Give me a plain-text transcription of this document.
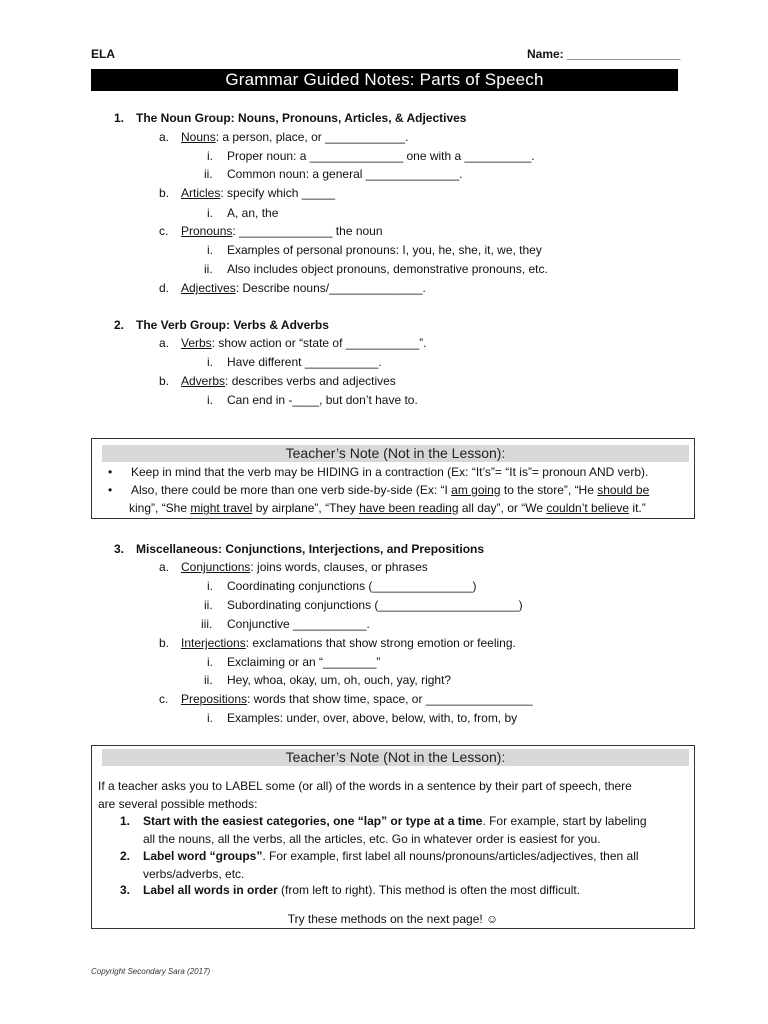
ELA	Name: _________________
Grammar Guided Notes: Parts of Speech
1. The Noun Group: Nouns, Pronouns, Articles, & Adjectives
a. Nouns: a person, place, or ____________.
i. Proper noun: a ______________ one with a __________.
ii. Common noun: a general ______________.
b. Articles: specify which _____
i. A, an, the
c. Pronouns: ______________ the noun
i. Examples of personal pronouns: I, you, he, she, it, we, they
ii. Also includes object pronouns, demonstrative pronouns, etc.
d. Adjectives: Describe nouns/______________.
2. The Verb Group: Verbs & Adverbs
a. Verbs: show action or “state of ___________”.
i. Have different ___________.
b. Adverbs: describes verbs and adjectives
i. Can end in -____, but don’t have to.
Teacher’s Note (Not in the Lesson):
• Keep in mind that the verb may be HIDING in a contraction (Ex: “It’s”= “It is”= pronoun AND verb).
• Also, there could be more than one verb side-by-side (Ex: “I am going to the store”, “He should be
king”, “She might travel by airplane”, “They have been reading all day”, or “We couldn’t believe it.”
3. Miscellaneous: Conjunctions, Interjections, and Prepositions
a. Conjunctions: joins words, clauses, or phrases
i. Coordinating conjunctions (_______________)
ii. Subordinating conjunctions (_____________________)
iii. Conjunctive ___________.
b. Interjections: exclamations that show strong emotion or feeling.
i. Exclaiming or an “________”
ii. Hey, whoa, okay, um, oh, ouch, yay, right?
c. Prepositions: words that show time, space, or ________________
i. Examples: under, over, above, below, with, to, from, by
Teacher’s Note (Not in the Lesson):
If a teacher asks you to LABEL some (or all) of the words in a sentence by their part of speech, there
are several possible methods:
1. Start with the easiest categories, one “lap” or type at a time. For example, start by labeling
all the nouns, all the verbs, all the articles, etc. Go in whatever order is easiest for you.
2. Label word “groups”. For example, first label all nouns/pronouns/articles/adjectives, then all
verbs/adverbs, etc.
3. Label all words in order (from left to right). This method is often the most difficult.
Try these methods on the next page! ☺
Copyright Secondary Sara (2017)
